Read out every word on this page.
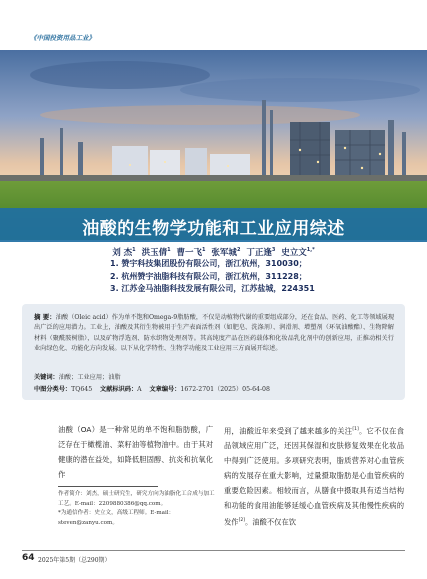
《中国投资用品工业》
油酸的生物学功能和工业应用综述
刘 杰$^1$ 洪玉倩$^1$ 曹一飞$^1$ 张军城$^2$ 丁正逢$^3$ 史立文$^{1,*}$
1. 赞宇科技集团股份有限公司，浙江杭州，310030；
2. 杭州赞宇油脂科技有限公司，浙江杭州，311228；
3. 江苏金马油脂科技发展有限公司，江苏盐城，224351
摘 要：油酸（Oleic acid）作为单不饱和Omega-9脂肪酸，不仅是动植物代谢的重要组成部分，还在食品、医药、化工等领域展现出广泛的应用潜力。工业上，油酸及其衍生物被用于生产表面活性剂（如肥皂、洗涤剂）、润滑剂、增塑剂（环氧油酸酯）、生物降解材料（聚酰胺树脂），以及矿物浮选剂、防水织物处理剂等。其高纯度产品在医药载体和化妆品乳化剂中的创新应用，正推动相关行业向绿色化、功能化方向发展。以下从化学特性、生物学功能及工业应用三方面展开综述。
关键词：油酸；工业应用；油脂
中图分类号：TQ645 文献标识码：A 文章编号：1672-2701（2025）05-64-08
油酸（OA）是一种常见的单不饱和脂肪酸，广泛存在于橄榄油、菜籽油等植物油中。由于其对健康的潜在益处，如降低胆固醇、抗炎和抗氧化作
用，油酸近年来受到了越来越多的关注[1]。它不仅在食品领域应用广泛，还因其保湿和皮肤修复效果在化妆品中得到广泛使用。多项研究表明，脂质营养对心血管疾病的发展存在重大影响，过量摄取脂肪是心血管疾病的重要危险因素。相较而言，从膳食中摄取具有适当结构和功能的食用油能够延缓心血管疾病及其他慢性疾病的发作[2]。油酸不仅在饮
作者简介：刘杰，硕士研究生，研究方向为油脂化工合成与加工工艺。E-mail：2209880386@qq.com。
*为通信作者：史立文，高级工程师。E-mail：steven@zanyu.com。
64 2025年第5期（总290期）
